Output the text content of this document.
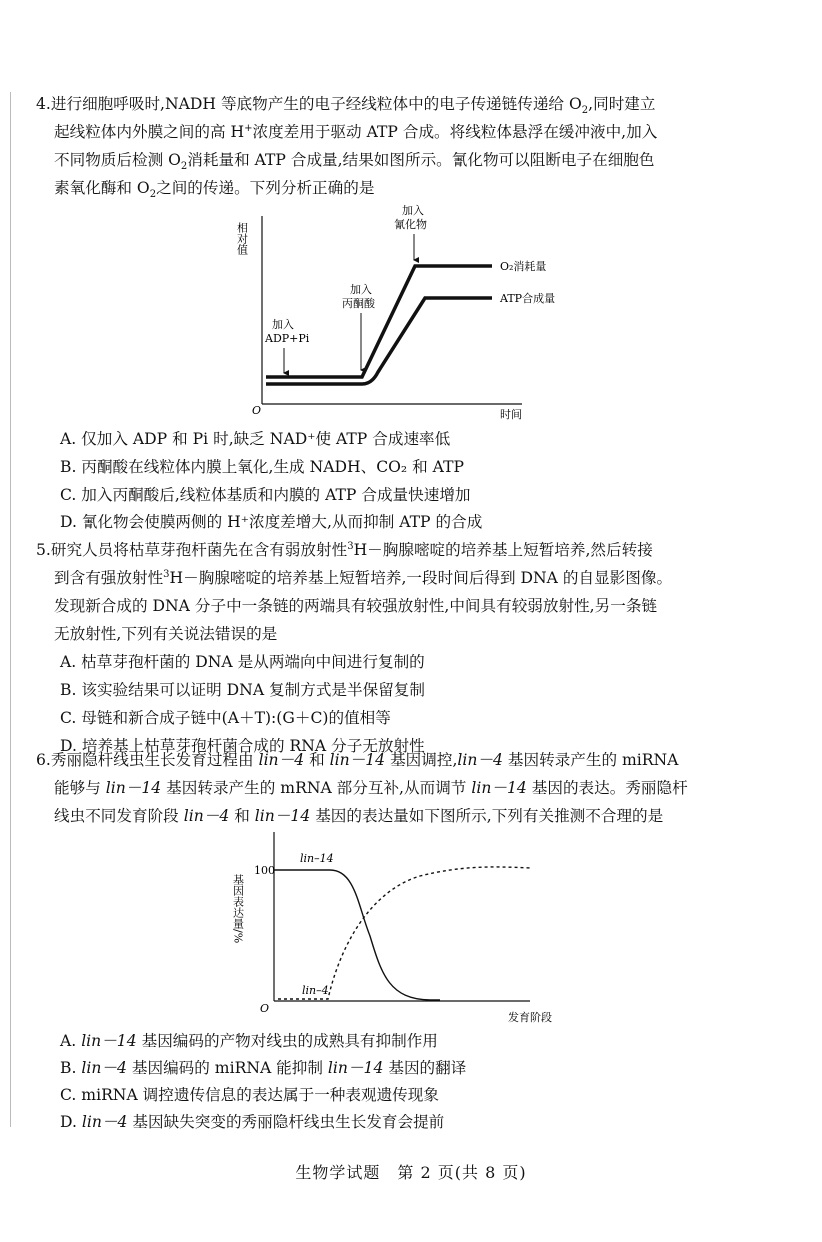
4.进行细胞呼吸时,NADH 等底物产生的电子经线粒体中的电子传递链传递给 $O_2$,同时建立

起线粒体内外膜之间的高 H+浓度差用于驱动 ATP 合成。将线粒体悬浮在缓冲液中,加入

不同物质后检测 $O_2$消耗量和 ATP 合成量,结果如图所示。氰化物可以阻断电子在细胞色

素氧化酶和 $O_2$之间的传递。下列分析正确的是

相对值
O	时间
O₂消耗量
ATP合成量
加入
ADP+Pi
加入
丙酮酸
加入
氰化物
A. 仅加入 ADP 和 Pi 时,缺乏 NAD⁺使 ATP 合成速率低
B. 丙酮酸在线粒体内膜上氧化,生成 NADH、CO₂ 和 ATP
C. 加入丙酮酸后,线粒体基质和内膜的 ATP 合成量快速增加
D. 氰化物会使膜两侧的 H⁺浓度差增大,从而抑制 ATP 的合成

5.研究人员将枯草芽孢杆菌先在含有弱放射性$^3$H－胸腺嘧啶的培养基上短暂培养,然后转接

到含有强放射性$^3$H－胸腺嘧啶的培养基上短暂培养,一段时间后得到 DNA 的自显影图像。

发现新合成的 DNA 分子中一条链的两端具有较强放射性,中间具有较弱放射性,另一条链

无放射性,下列有关说法错误的是

A. 枯草芽孢杆菌的 DNA 是从两端向中间进行复制的
B. 该实验结果可以证明 DNA 复制方式是半保留复制
C. 母链和新合成子链中(A＋T):(G＋C)的值相等
D. 培养基上枯草芽孢杆菌合成的 RNA 分子无放射性

6.秀丽隐杆线虫生长发育过程由 lin－4 和 lin－14 基因调控,lin－4 基因转录产生的 miRNA

能够与 lin－14 基因转录产生的 mRNA 部分互补,从而调节 lin－14 基因的表达。秀丽隐杆

线虫不同发育阶段 lin－4 和 lin－14 基因的表达量如下图所示,下列有关推测不合理的是

基因表达量/%
100
O
发育阶段
lin–14
lin–4
A. lin－14 基因编码的产物对线虫的成熟具有抑制作用
B. lin－4 基因编码的 miRNA 能抑制 lin－14 基因的翻译
C. miRNA 调控遗传信息的表达属于一种表观遗传现象
D. lin－4 基因缺失突变的秀丽隐杆线虫生长发育会提前
生物学试题　第 2 页(共 8 页)
